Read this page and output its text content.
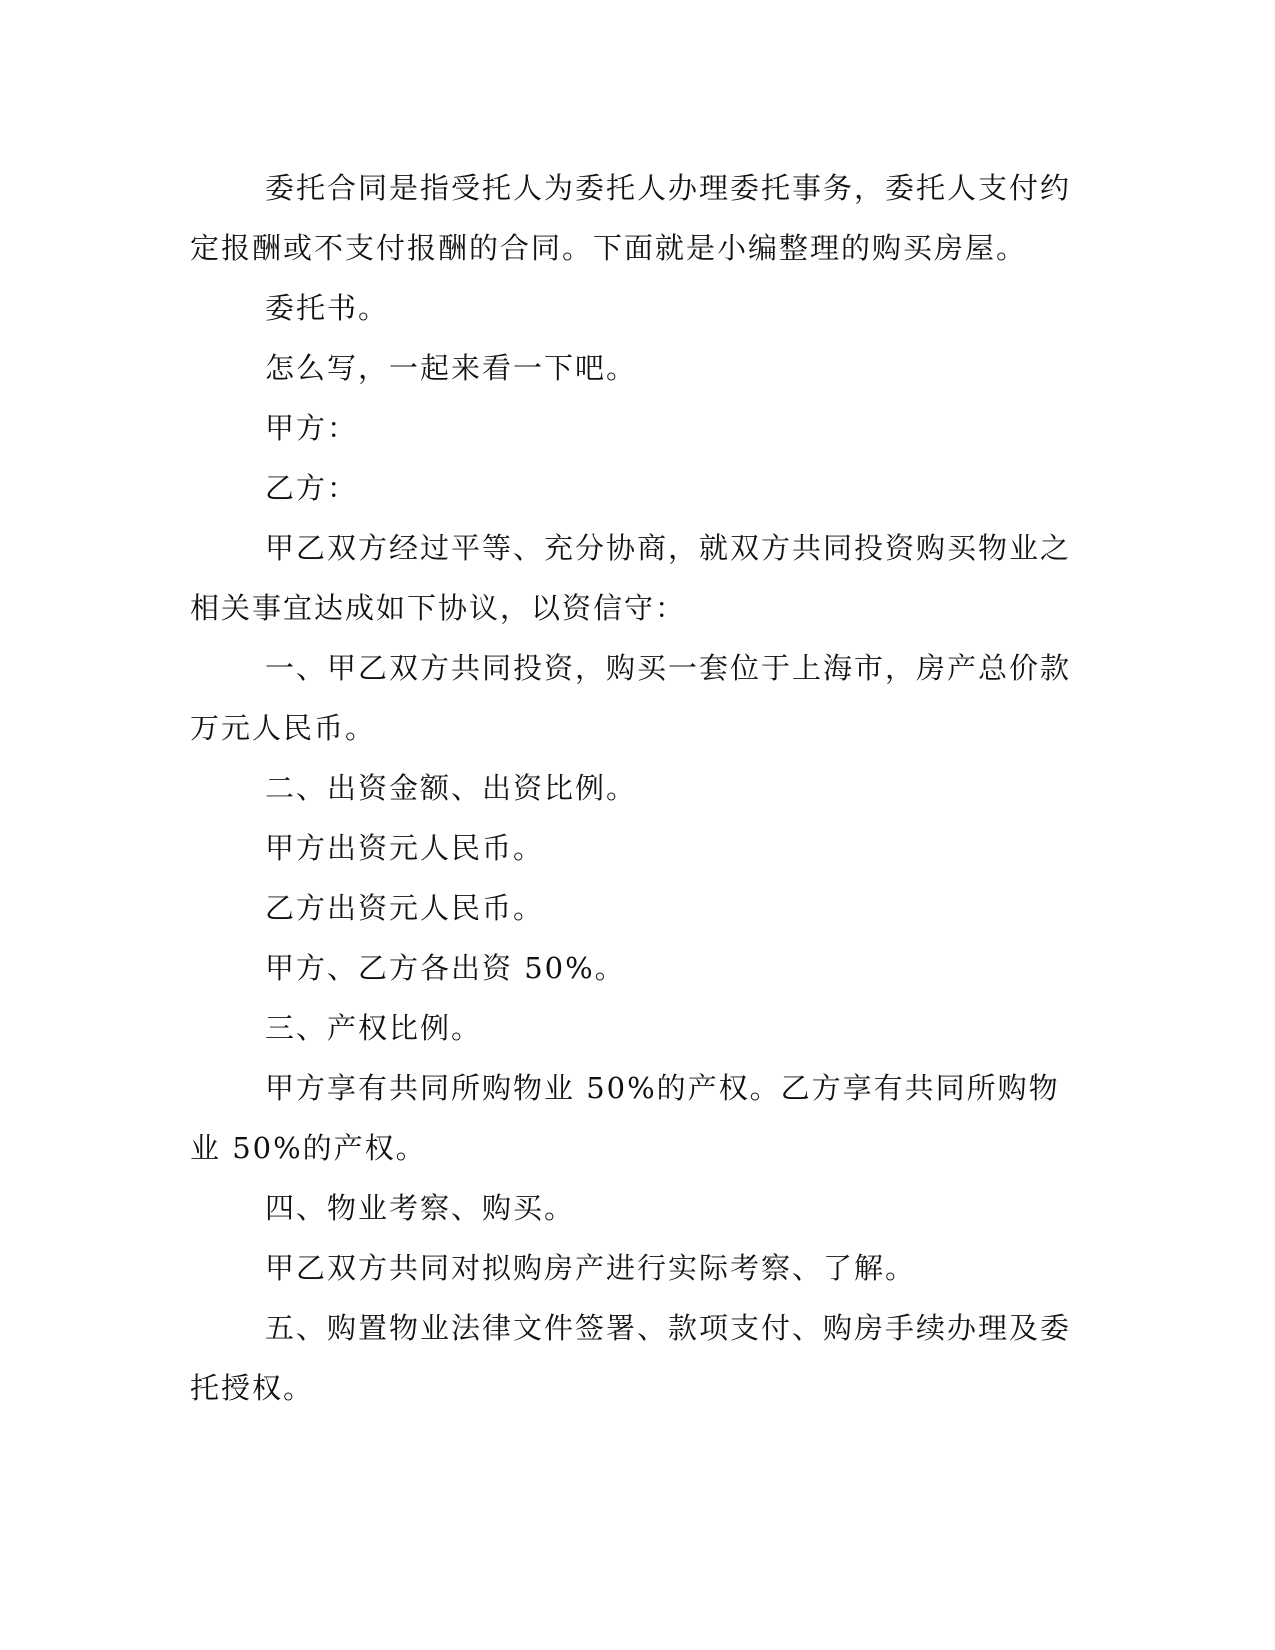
委托合同是指受托人为委托人办理委托事务，委托人支付约定报酬或不支付报酬的合同。下面就是小编整理的购买房屋。

委托书。

怎么写，一起来看一下吧。

甲方：

乙方：

甲乙双方经过平等、充分协商，就双方共同投资购买物业之相关事宜达成如下协议，以资信守：

一、甲乙双方共同投资，购买一套位于上海市，房产总价款万元人民币。

二、出资金额、出资比例。

甲方出资元人民币。

乙方出资元人民币。

甲方、乙方各出资 50%。

三、产权比例。

甲方享有共同所购物业 50%的产权。乙方享有共同所购物业 50%的产权。

四、物业考察、购买。

甲乙双方共同对拟购房产进行实际考察、了解。

五、购置物业法律文件签署、款项支付、购房手续办理及委托授权。
